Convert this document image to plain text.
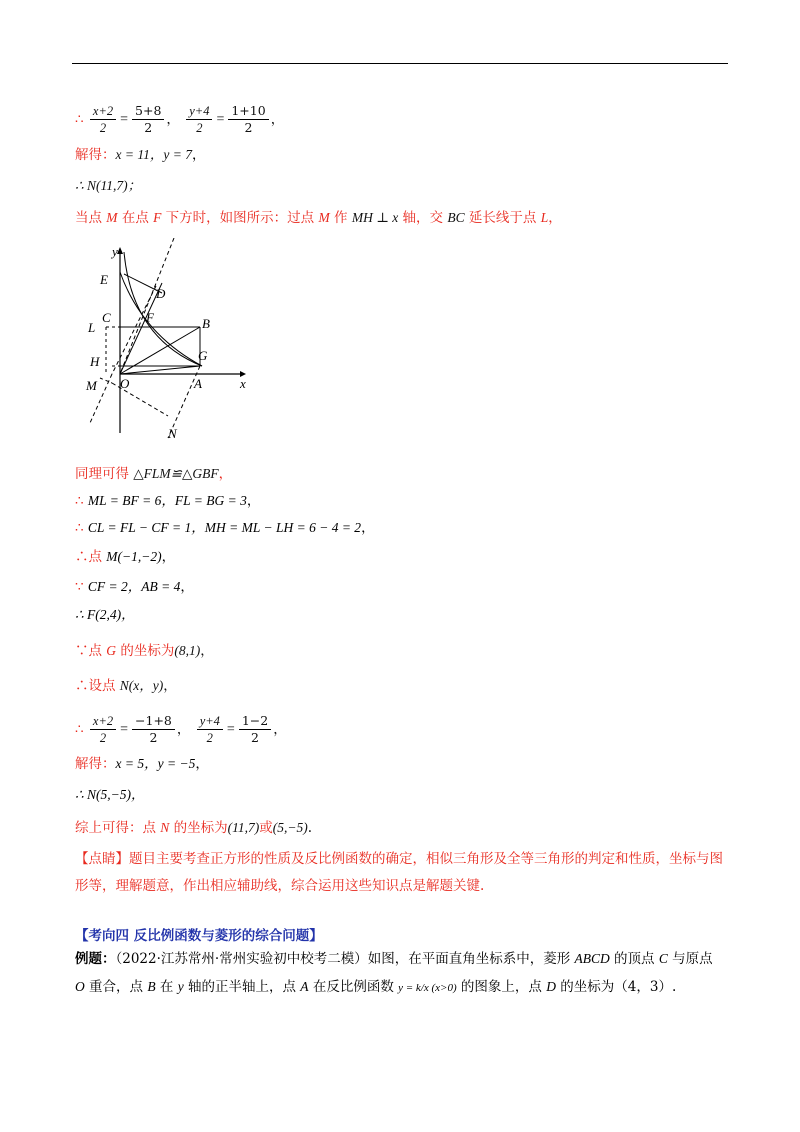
∴ $\frac{x+2}{2} = \frac{5+8}{2}$ ， $\frac{y+4}{2} = \frac{1+10}{2}$ ，
解得：x = 11，y = 7，
∴ N(11,7)；
当点 M 在点 F 下方时，如图所示：过点 M 作 MH ⊥ x 轴，交 BC 延长线于点 L，
y
x
E
D
C	F	B
L
H	G
M O	A
N
同理可得 △FLM≌△GBF，
∴ ML = BF = 6，FL = BG = 3，
∴ CL = FL − CF = 1，MH = ML − LH = 6 − 4 = 2，
∴点 M(−1,−2)，
∵ CF = 2，AB = 4，
∴ F(2,4)，
∵点 G 的坐标为(8,1)，
∴设点 N(x，y)，
∴ $\frac{x+2}{2} = \frac{-1+8}{2}$ ， $\frac{y+4}{2} = \frac{1-2}{2}$ ，
解得：x = 5，y = −5，
∴ N(5,−5)，
综上可得：点 N 的坐标为(11,7)或(5,−5).
【点睛】题目主要考查正方形的性质及反比例函数的确定，相似三角形及全等三角形的判定和性质，坐标与图形等，理解题意，作出相应辅助线，综合运用这些知识点是解题关键.
【考向四 反比例函数与菱形的综合问题】
例题：（2022·江苏常州·常州实验初中校考二模）如图，在平面直角坐标系中，菱形 ABCD 的顶点 C 与原点 O 重合，点 B 在 y 轴的正半轴上，点 A 在反比例函数 y = k/x (x>0) 的图象上，点 D 的坐标为（4，3）.
